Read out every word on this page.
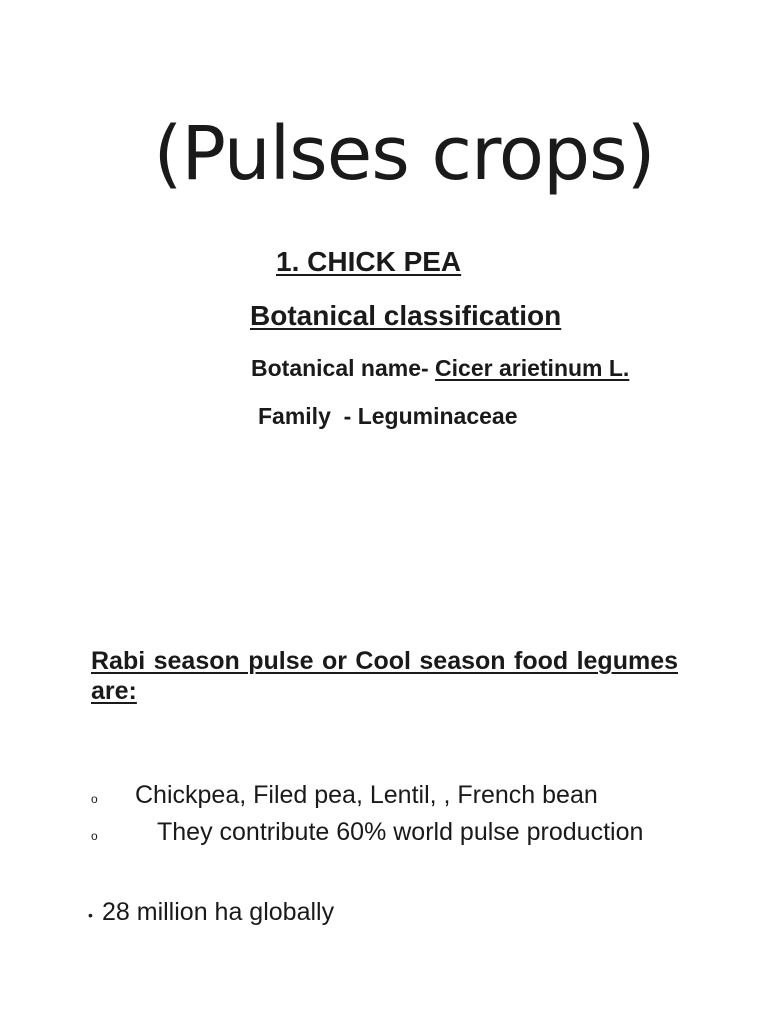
(Pulses crops)
1. CHICK PEA
Botanical classification

Botanical name- Cicer arietinum L.

Family  - Leguminaceae

Rabi season pulse or Cool season food legumes are:

o Chickpea, Filed pea, Lentil, , French bean
o They contribute 60% world pulse production

• 28 million ha globally
